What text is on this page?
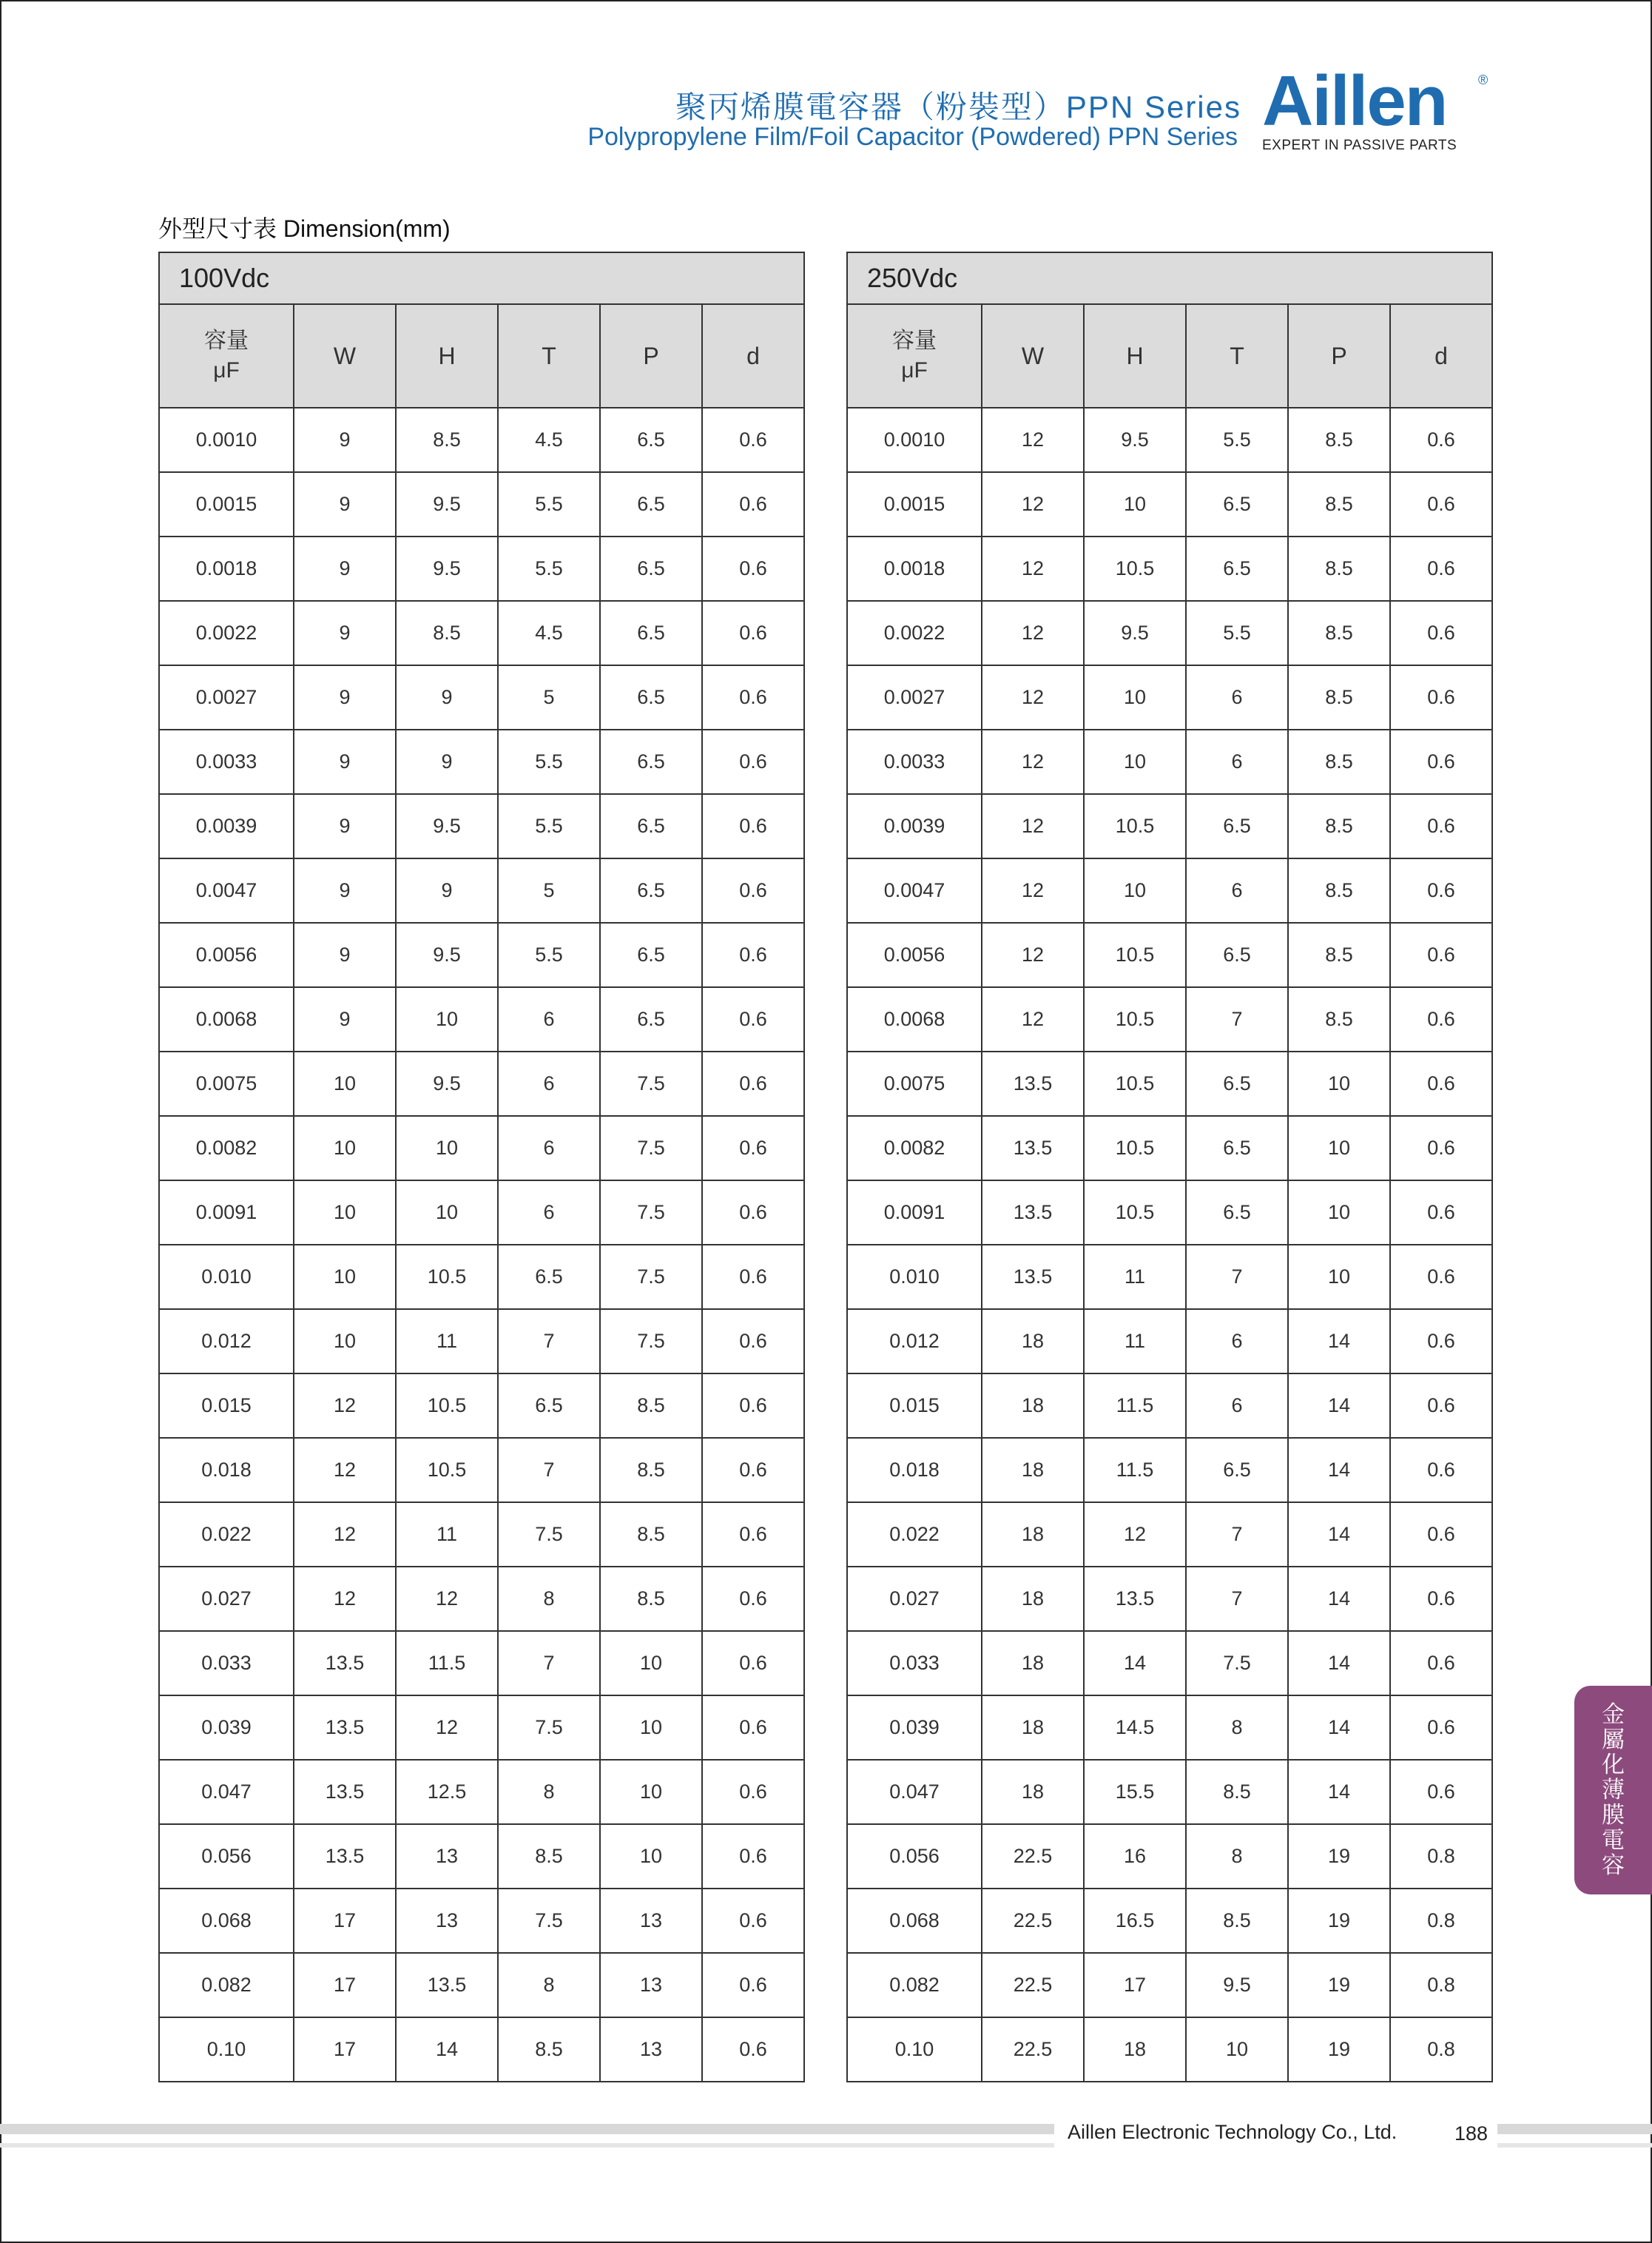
聚丙烯膜電容器（粉裝型）PPN Series
Polypropylene Film/Foil Capacitor (Powdered) PPN Series Aillen	®
EXPERT IN PASSIVE PARTS
外型尺寸表 Dimension(mm)
100Vdc					

容量
μF	W	H	T	P	d
0.0010	9	8.5	4.5	6.5	0.6
0.0015	9	9.5	5.5	6.5	0.6
0.0018	9	9.5	5.5	6.5	0.6
0.0022	9	8.5	4.5	6.5	0.6
0.0027	9	9	5	6.5	0.6
0.0033	9	9	5.5	6.5	0.6
0.0039	9	9.5	5.5	6.5	0.6
0.0047	9	9	5	6.5	0.6
0.0056	9	9.5	5.5	6.5	0.6
0.0068	9	10	6	6.5	0.6
0.0075	10	9.5	6	7.5	0.6
0.0082	10	10	6	7.5	0.6
0.0091	10	10	6	7.5	0.6
0.010	10	10.5	6.5	7.5	0.6
0.012	10	11	7	7.5	0.6
0.015	12	10.5	6.5	8.5	0.6
0.018	12	10.5	7	8.5	0.6
0.022	12	11	7.5	8.5	0.6
0.027	12	12	8	8.5	0.6
0.033	13.5	11.5	7	10	0.6
0.039	13.5	12	7.5	10	0.6
0.047	13.5	12.5	8	10	0.6
0.056	13.5	13	8.5	10	0.6
0.068	17	13	7.5	13	0.6
0.082	17	13.5	8	13	0.6
0.10	17	14	8.5	13	0.6
250Vdc					

容量
μF	W	H	T	P	d
0.0010	12	9.5	5.5	8.5	0.6
0.0015	12	10	6.5	8.5	0.6
0.0018	12	10.5	6.5	8.5	0.6
0.0022	12	9.5	5.5	8.5	0.6
0.0027	12	10	6	8.5	0.6
0.0033	12	10	6	8.5	0.6
0.0039	12	10.5	6.5	8.5	0.6
0.0047	12	10	6	8.5	0.6
0.0056	12	10.5	6.5	8.5	0.6
0.0068	12	10.5	7	8.5	0.6
0.0075	13.5	10.5	6.5	10	0.6
0.0082	13.5	10.5	6.5	10	0.6
0.0091	13.5	10.5	6.5	10	0.6
0.010	13.5	11	7	10	0.6
0.012	18	11	6	14	0.6
0.015	18	11.5	6	14	0.6
0.018	18	11.5	6.5	14	0.6
0.022	18	12	7	14	0.6
0.027	18	13.5	7	14	0.6
0.033	18	14	7.5	14	0.6
0.039	18	14.5	8	14	0.6
0.047	18	15.5	8.5	14	0.6
0.056	22.5	16	8	19	0.8
0.068	22.5	16.5	8.5	19	0.8
0.082	22.5	17	9.5	19	0.8
0.10	22.5	18	10	19	0.8
金
屬
化
薄
膜
電
容
Aillen Electronic Technology Co., Ltd.	188
